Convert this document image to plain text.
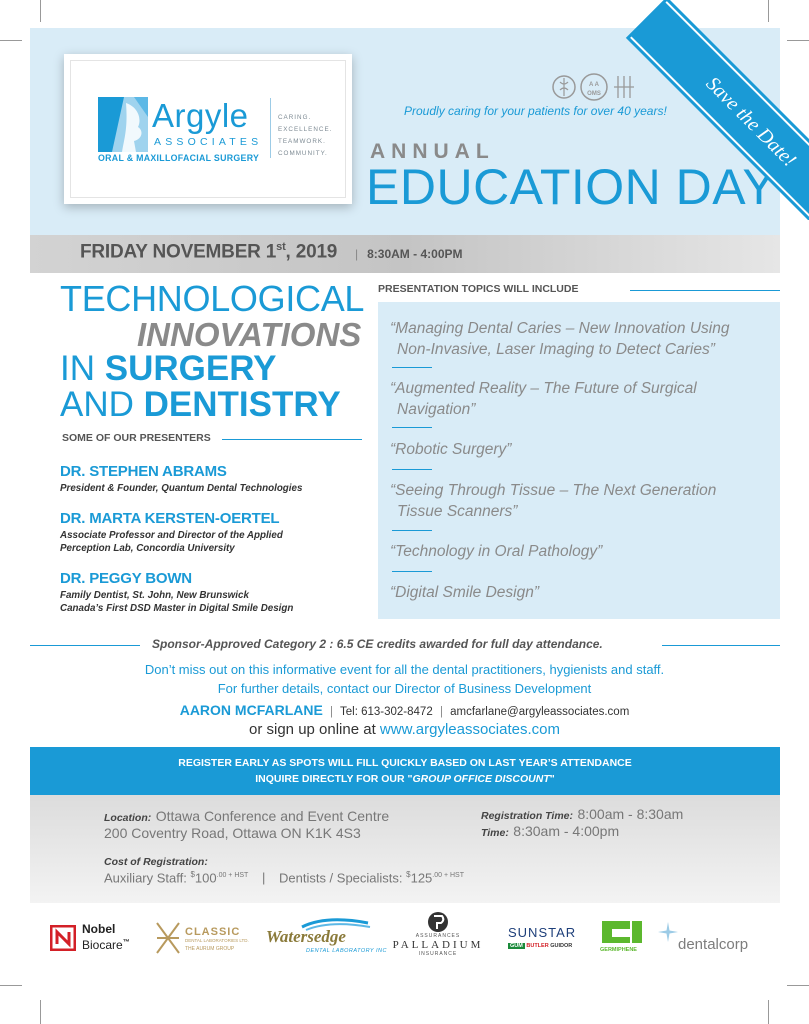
Argyle
ASSOCIATES
ORAL & MAXILLOFACIAL SURGERY
CARING.
EXCELLENCE.
TEAMWORK.
COMMUNITY.
A A
OMS
Proudly caring for your patients for over 40 years!
ANNUAL
EDUCATION DAY
Save the Date!
FRIDAY NOVEMBER 1st, 2019 | 8:30AM - 4:00PM
TECHNOLOGICAL
INNOVATIONS
IN SURGERY
AND DENTISTRY
SOME OF OUR PRESENTERS
DR. STEPHEN ABRAMS
President & Founder, Quantum Dental Technologies
DR. MARTA KERSTEN-OERTEL
Associate Professor and Director of the Applied
Perception Lab, Concordia University
DR. PEGGY BOWN
Family Dentist, St. John, New Brunswick
Canada’s First DSD Master in Digital Smile Design
PRESENTATION TOPICS WILL INCLUDE
“Managing Dental Caries – New Innovation Using
Non-Invasive, Laser Imaging to Detect Caries”
“Augmented Reality – The Future of Surgical
Navigation”
“Robotic Surgery”
“Seeing Through Tissue – The Next Generation
Tissue Scanners”
“Technology in Oral Pathology”
“Digital Smile Design”
Sponsor-Approved Category 2 : 6.5 CE credits awarded for full day attendance.
Don’t miss out on this informative event for all the dental practitioners, hygienists and staff.
For further details, contact our Director of Business Development
AARON MCFARLANE | Tel: 613-302-8472 | amcfarlane@argyleassociates.com
or sign up online at www.argyleassociates.com
REGISTER EARLY AS SPOTS WILL FILL QUICKLY BASED ON LAST YEAR’S ATTENDANCE
INQUIRE DIRECTLY FOR OUR "GROUP OFFICE DISCOUNT"
Location: Ottawa Conference and Event Centre
200 Coventry Road, Ottawa ON K1K 4S3
Registration Time: 8:00am - 8:30am
Time: 8:30am - 4:00pm
Cost of Registration:
Auxiliary Staff: $^{\$}100^{.00 + HST}$ | Dentists / Specialists: $^{\$}125^{.00 + HST}$
Nobel
Biocare™
CLASSIC
DENTAL LABORATORIES LTD.
THE AURUM GROUP
Watersedge
DENTAL LABORATORY INC
ASSURANCES
PALLADIUM
INSURANCE
SUNSTAR
GUM BUTLER GUIDOR
GERMIPHENE	dentalcorp
